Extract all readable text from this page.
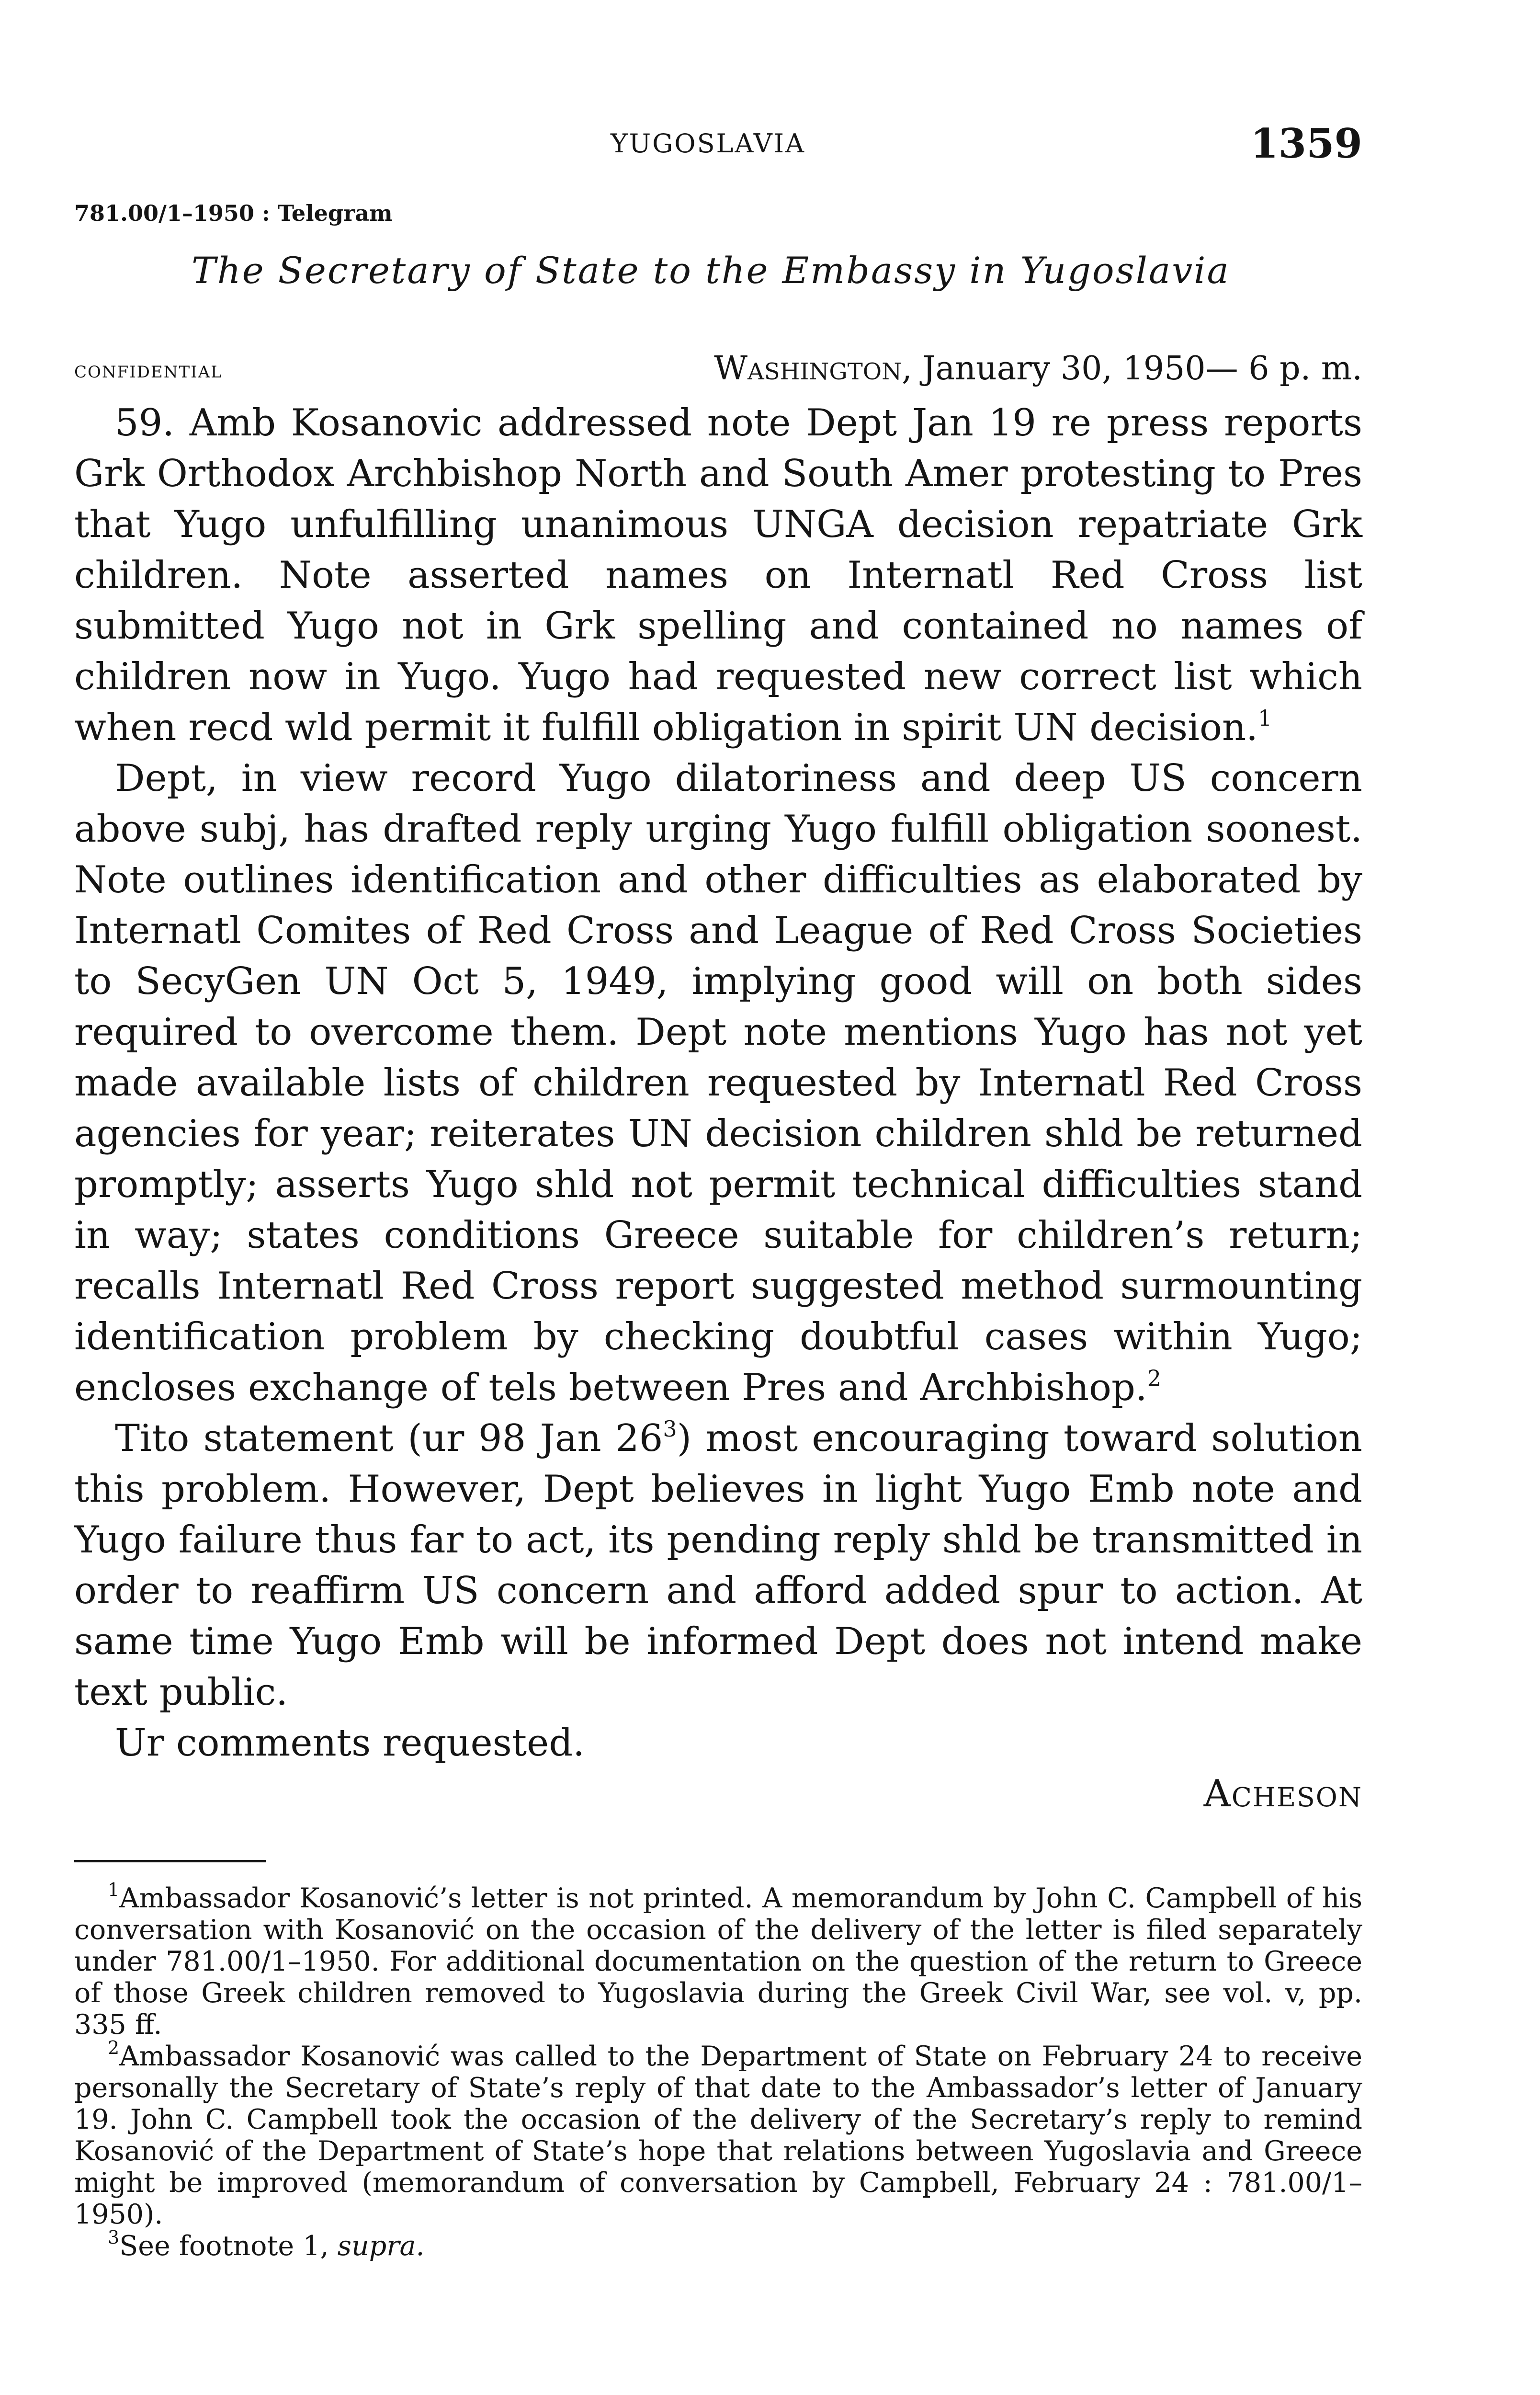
YUGOSLAVIA	1359
781.00/1–1950 : Telegram
The Secretary of State to the Embassy in Yugoslavia
confidential	Washington, January 30, 1950— 6 p. m.

59. Amb Kosanovic addressed note Dept Jan 19 re press reports Grk Orthodox Archbishop North and South Amer protesting to Pres that Yugo unfulfilling unanimous UNGA decision repatriate Grk children. Note asserted names on Internatl Red Cross list submitted Yugo not in Grk spelling and contained no names of children now in Yugo. Yugo had requested new correct list which when recd wld permit it fulfill obligation in spirit UN decision.$^1$

Dept, in view record Yugo dilatoriness and deep US concern above subj, has drafted reply urging Yugo fulfill obligation soonest. Note outlines identification and other difficulties as elaborated by Internatl Comites of Red Cross and League of Red Cross Societies to SecyGen UN Oct 5, 1949, implying good will on both sides required to overcome them. Dept note mentions Yugo has not yet made available lists of children requested by Internatl Red Cross agencies for year; reiterates UN decision children shld be returned promptly; asserts Yugo shld not permit technical difficulties stand in way; states conditions Greece suitable for children’s return; recalls Internatl Red Cross report suggested method surmounting identification problem by checking doubtful cases within Yugo; encloses exchange of tels between Pres and Archbishop.$^2$

Tito statement (ur 98 Jan $26^3$) most encouraging toward solution this problem. However, Dept believes in light Yugo Emb note and Yugo failure thus far to act, its pending reply shld be transmitted in order to reaffirm US concern and afford added spur to action. At same time Yugo Emb will be informed Dept does not intend make text public.

Ur comments requested.

Acheson

$^1$Ambassador Kosanović’s letter is not printed. A memorandum by John C. Campbell of his conversation with Kosanović on the occasion of the delivery of the letter is filed separately under 781.00/1–1950. For additional documentation on the question of the return to Greece of those Greek children removed to Yugoslavia during the Greek Civil War, see vol. v, pp. 335 ff.

$^2$Ambassador Kosanović was called to the Department of State on February 24 to receive personally the Secretary of State’s reply of that date to the Ambassador’s letter of January 19. John C. Campbell took the occasion of the delivery of the Secretary’s reply to remind Kosanović of the Department of State’s hope that relations between Yugoslavia and Greece might be improved (memorandum of conversation by Campbell, February 24 : 781.00/1–1950).

$^3$See footnote 1, supra.
